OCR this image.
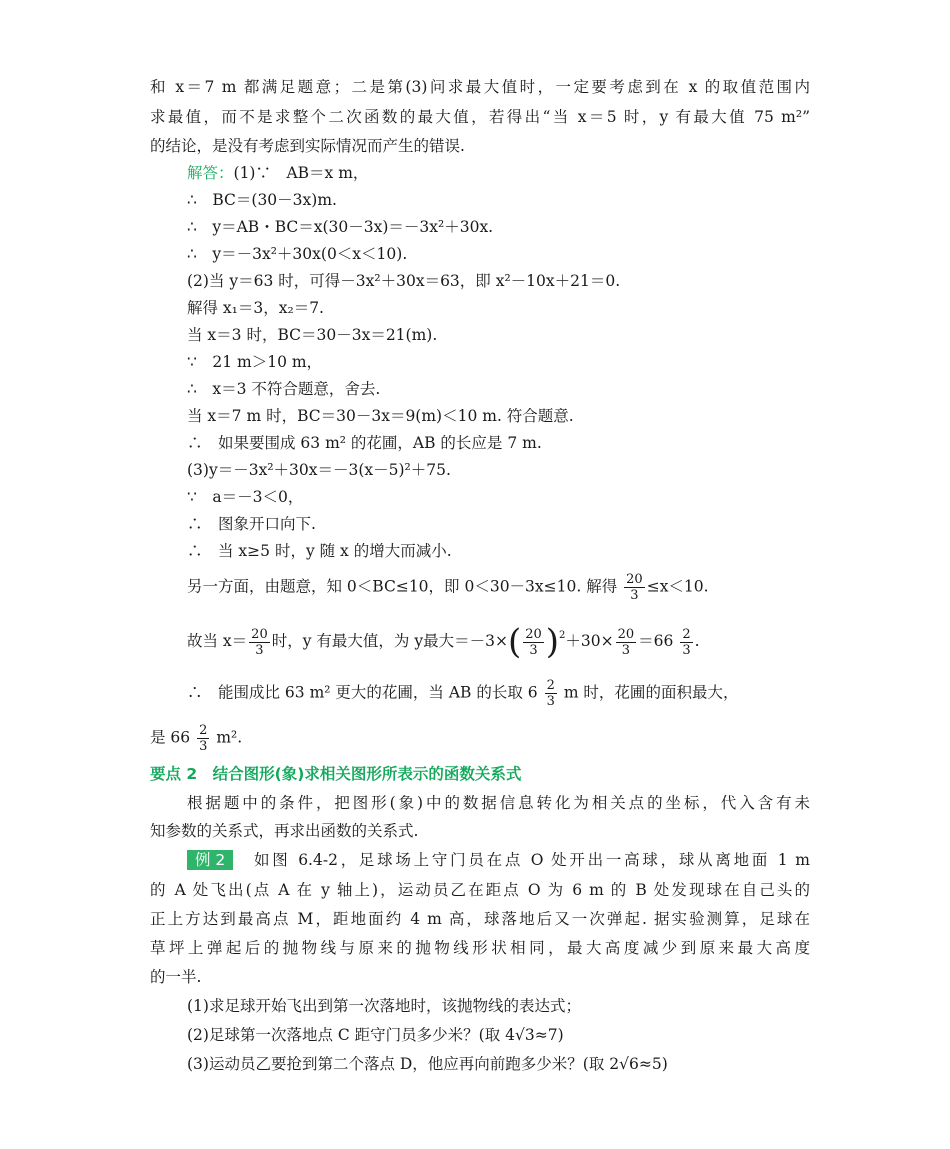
和 x＝7 m 都满足题意；二是第(3)问求最大值时，一定要考虑到在 x 的取值范围内
求最值，而不是求整个二次函数的最大值，若得出“当 x＝5 时，y 有最大值 75 m²”
的结论，是没有考虑到实际情况而产生的错误.
解答：(1)∵　AB＝x m，
∴　BC＝(30－3x)m.
∴　y＝AB・BC＝x(30－3x)＝－3x²＋30x.
∴　y＝－3x²＋30x(0＜x＜10).
(2)当 y＝63 时，可得－3x²＋30x＝63，即 x²－10x＋21＝0.
解得 x₁＝3，x₂＝7.
当 x＝3 时，BC＝30－3x＝21(m).
∵　21 m＞10 m，
∴　x＝3 不符合题意，舍去.
当 x＝7 m 时，BC＝30－3x＝9(m)＜10 m. 符合题意.
∴　如果要围成 63 m² 的花圃，AB 的长应是 7 m.
(3)y＝－3x²＋30x＝－3(x－5)²＋75.
∵　a＝－3＜0，
∴　图象开口向下.
∴　当 x≥5 时，y 随 x 的增大而减小.
另一方面，由题意，知 0＜BC≤10，即 0＜30－3x≤10. 解得 $\frac{20}{3} \le x<10$.
故当 $x= \frac{20}{3}$ 时，y 有最大值，为 y最大$=-3\times( \frac{20}{3} )^2+30\times \frac{20}{3} =66 \frac{2}{3}$ .
∴　能围成比 63 m² 更大的花圃，当 AB 的长取 $6 \frac{2}{3}$ m 时，花圃的面积最大，
是 $66 \frac{2}{3} m^2$.
要点 2　结合图形(象)求相关图形所表示的函数关系式
根据题中的条件，把图形(象)中的数据信息转化为相关点的坐标，代入含有未
知参数的关系式，再求出函数的关系式.
例 2 如图 6.4-2，足球场上守门员在点 O 处开出一高球，球从离地面 1 m
的 A 处飞出(点 A 在 y 轴上)，运动员乙在距点 O 为 6 m 的 B 处发现球在自己头的
正上方达到最高点 M，距地面约 4 m 高，球落地后又一次弹起. 据实验测算，足球在
草坪上弹起后的抛物线与原来的抛物线形状相同，最大高度减少到原来最大高度
的一半.
(1)求足球开始飞出到第一次落地时，该抛物线的表达式；
(2)足球第一次落地点 C 距守门员多少米？(取 4√3≈7)
(3)运动员乙要抢到第二个落点 D，他应再向前跑多少米？(取 2√6≈5)
